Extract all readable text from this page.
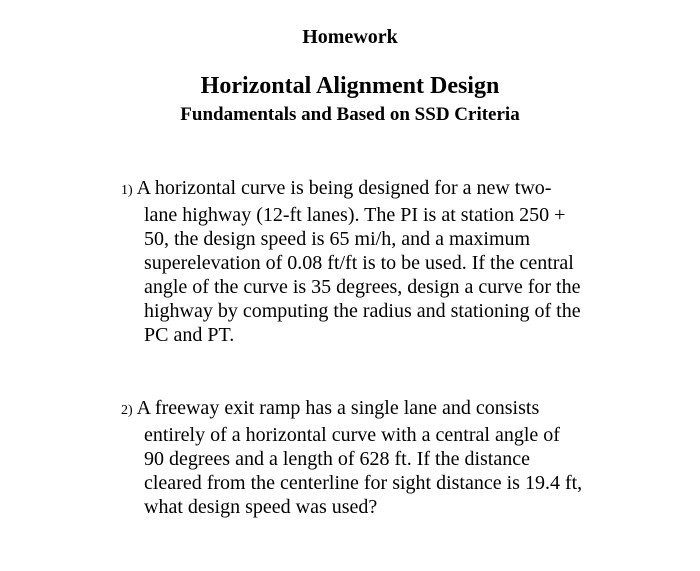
Homework
Horizontal Alignment Design
Fundamentals and Based on SSD Criteria
1) A horizontal curve is being designed for a new two-
lane highway (12-ft lanes). The PI is at station 250 +
50, the design speed is 65 mi/h, and a maximum
superelevation of 0.08 ft/ft is to be used. If the central
angle of the curve is 35 degrees, design a curve for the
highway by computing the radius and stationing of the
PC and PT.
2) A freeway exit ramp has a single lane and consists
entirely of a horizontal curve with a central angle of
90 degrees and a length of 628 ft. If the distance
cleared from the centerline for sight distance is 19.4 ft,
what design speed was used?
